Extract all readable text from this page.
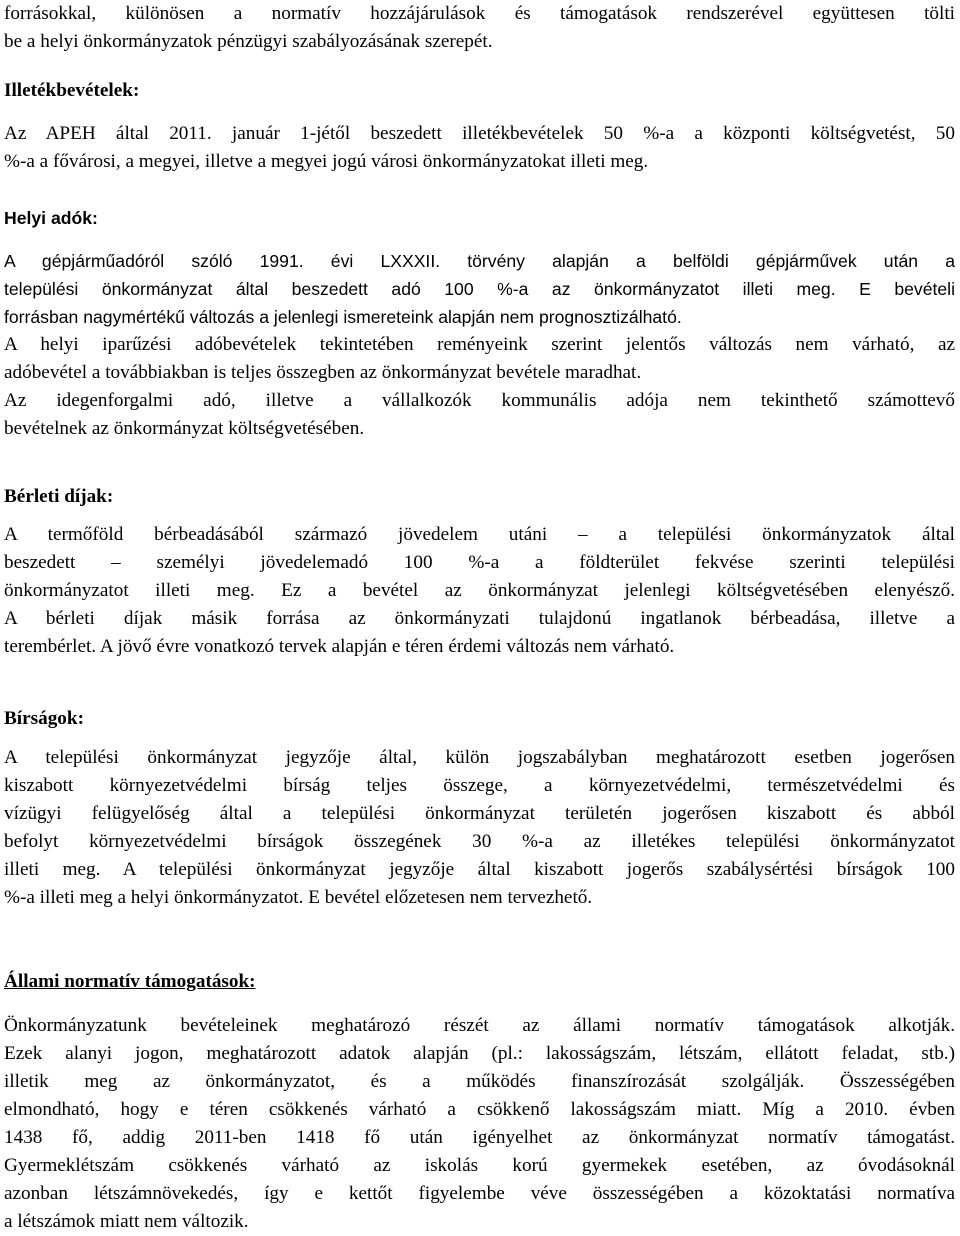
forrásokkal, különösen a normatív hozzájárulások és támogatások rendszerével együttesen tölti
be a helyi önkormányzatok pénzügyi szabályozásának szerepét.
Illetékbevételek:
Az APEH által 2011. január 1-jétől beszedett illetékbevételek 50 %-a a központi költségvetést, 50
%-a a fővárosi, a megyei, illetve a megyei jogú városi önkormányzatokat illeti meg.
Helyi adók:
A gépjárműadóról szóló 1991. évi LXXXII. törvény alapján a belföldi gépjárművek után a
települési önkormányzat által beszedett adó 100 %-a az önkormányzatot illeti meg. E bevételi
forrásban nagymértékű változás a jelenlegi ismereteink alapján nem prognosztizálható.
A helyi iparűzési adóbevételek tekintetében reményeink szerint jelentős változás nem várható, az
adóbevétel a továbbiakban is teljes összegben az önkormányzat bevétele maradhat.
Az idegenforgalmi adó, illetve a vállalkozók kommunális adója nem tekinthető számottevő
bevételnek az önkormányzat költségvetésében.
Bérleti díjak:
A termőföld bérbeadásából származó jövedelem utáni – a települési önkormányzatok által
beszedett – személyi jövedelemadó 100 %-a a földterület fekvése szerinti települési
önkormányzatot illeti meg. Ez a bevétel az önkormányzat jelenlegi költségvetésében elenyésző.
A bérleti díjak másik forrása az önkormányzati tulajdonú ingatlanok bérbeadása, illetve a
terembérlet. A jövő évre vonatkozó tervek alapján e téren érdemi változás nem várható.
Bírságok:
A települési önkormányzat jegyzője által, külön jogszabályban meghatározott esetben jogerősen
kiszabott környezetvédelmi bírság teljes összege, a környezetvédelmi, természetvédelmi és
vízügyi felügyelőség által a települési önkormányzat területén jogerősen kiszabott és abból
befolyt környezetvédelmi bírságok összegének 30 %-a az illetékes települési önkormányzatot
illeti meg. A települési önkormányzat jegyzője által kiszabott jogerős szabálysértési bírságok 100
%-a illeti meg a helyi önkormányzatot. E bevétel előzetesen nem tervezhető.
Állami normatív támogatások:
Önkormányzatunk bevételeinek meghatározó részét az állami normatív támogatások alkotják.
Ezek alanyi jogon, meghatározott adatok alapján (pl.: lakosságszám, létszám, ellátott feladat, stb.)
illetik meg az önkormányzatot, és a működés finanszírozását szolgálják. Összességében
elmondható, hogy e téren csökkenés várható a csökkenő lakosságszám miatt. Míg a 2010. évben
1438 fő, addig 2011-ben 1418 fő után igényelhet az önkormányzat normatív támogatást.
Gyermeklétszám csökkenés várható az iskolás korú gyermekek esetében, az óvodásoknál
azonban létszámnövekedés, így e kettőt figyelembe véve összességében a közoktatási normatíva
a létszámok miatt nem változik.
